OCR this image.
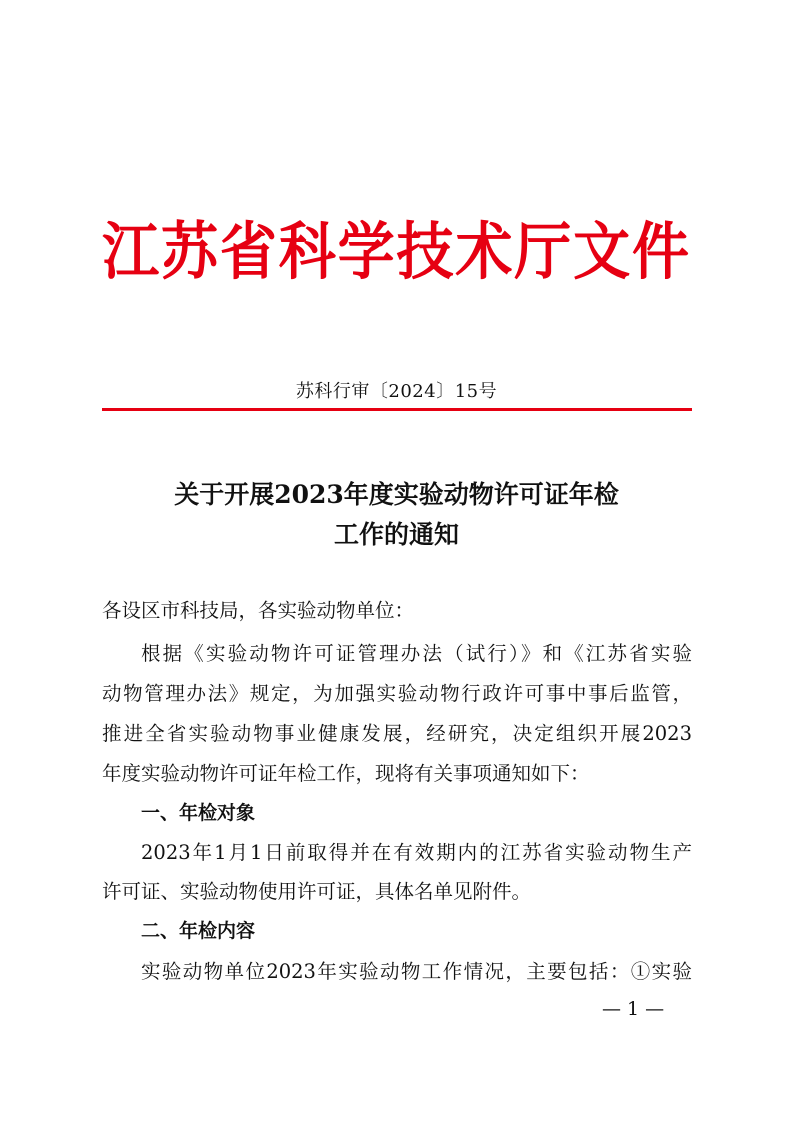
江苏省科学技术厅文件
苏科行审〔2024〕15号
关于开展2023年度实验动物许可证年检
工作的通知
各设区市科技局，各实验动物单位：
根据《实验动物许可证管理办法（试行）》和《江苏省实验
动物管理办法》规定，为加强实验动物行政许可事中事后监管，
推进全省实验动物事业健康发展，经研究，决定组织开展2023
年度实验动物许可证年检工作，现将有关事项通知如下：
一、年检对象
2023年1月1日前取得并在有效期内的江苏省实验动物生产
许可证、实验动物使用许可证，具体名单见附件。
二、年检内容
实验动物单位2023年实验动物工作情况，主要包括：①实验
— 1 —
